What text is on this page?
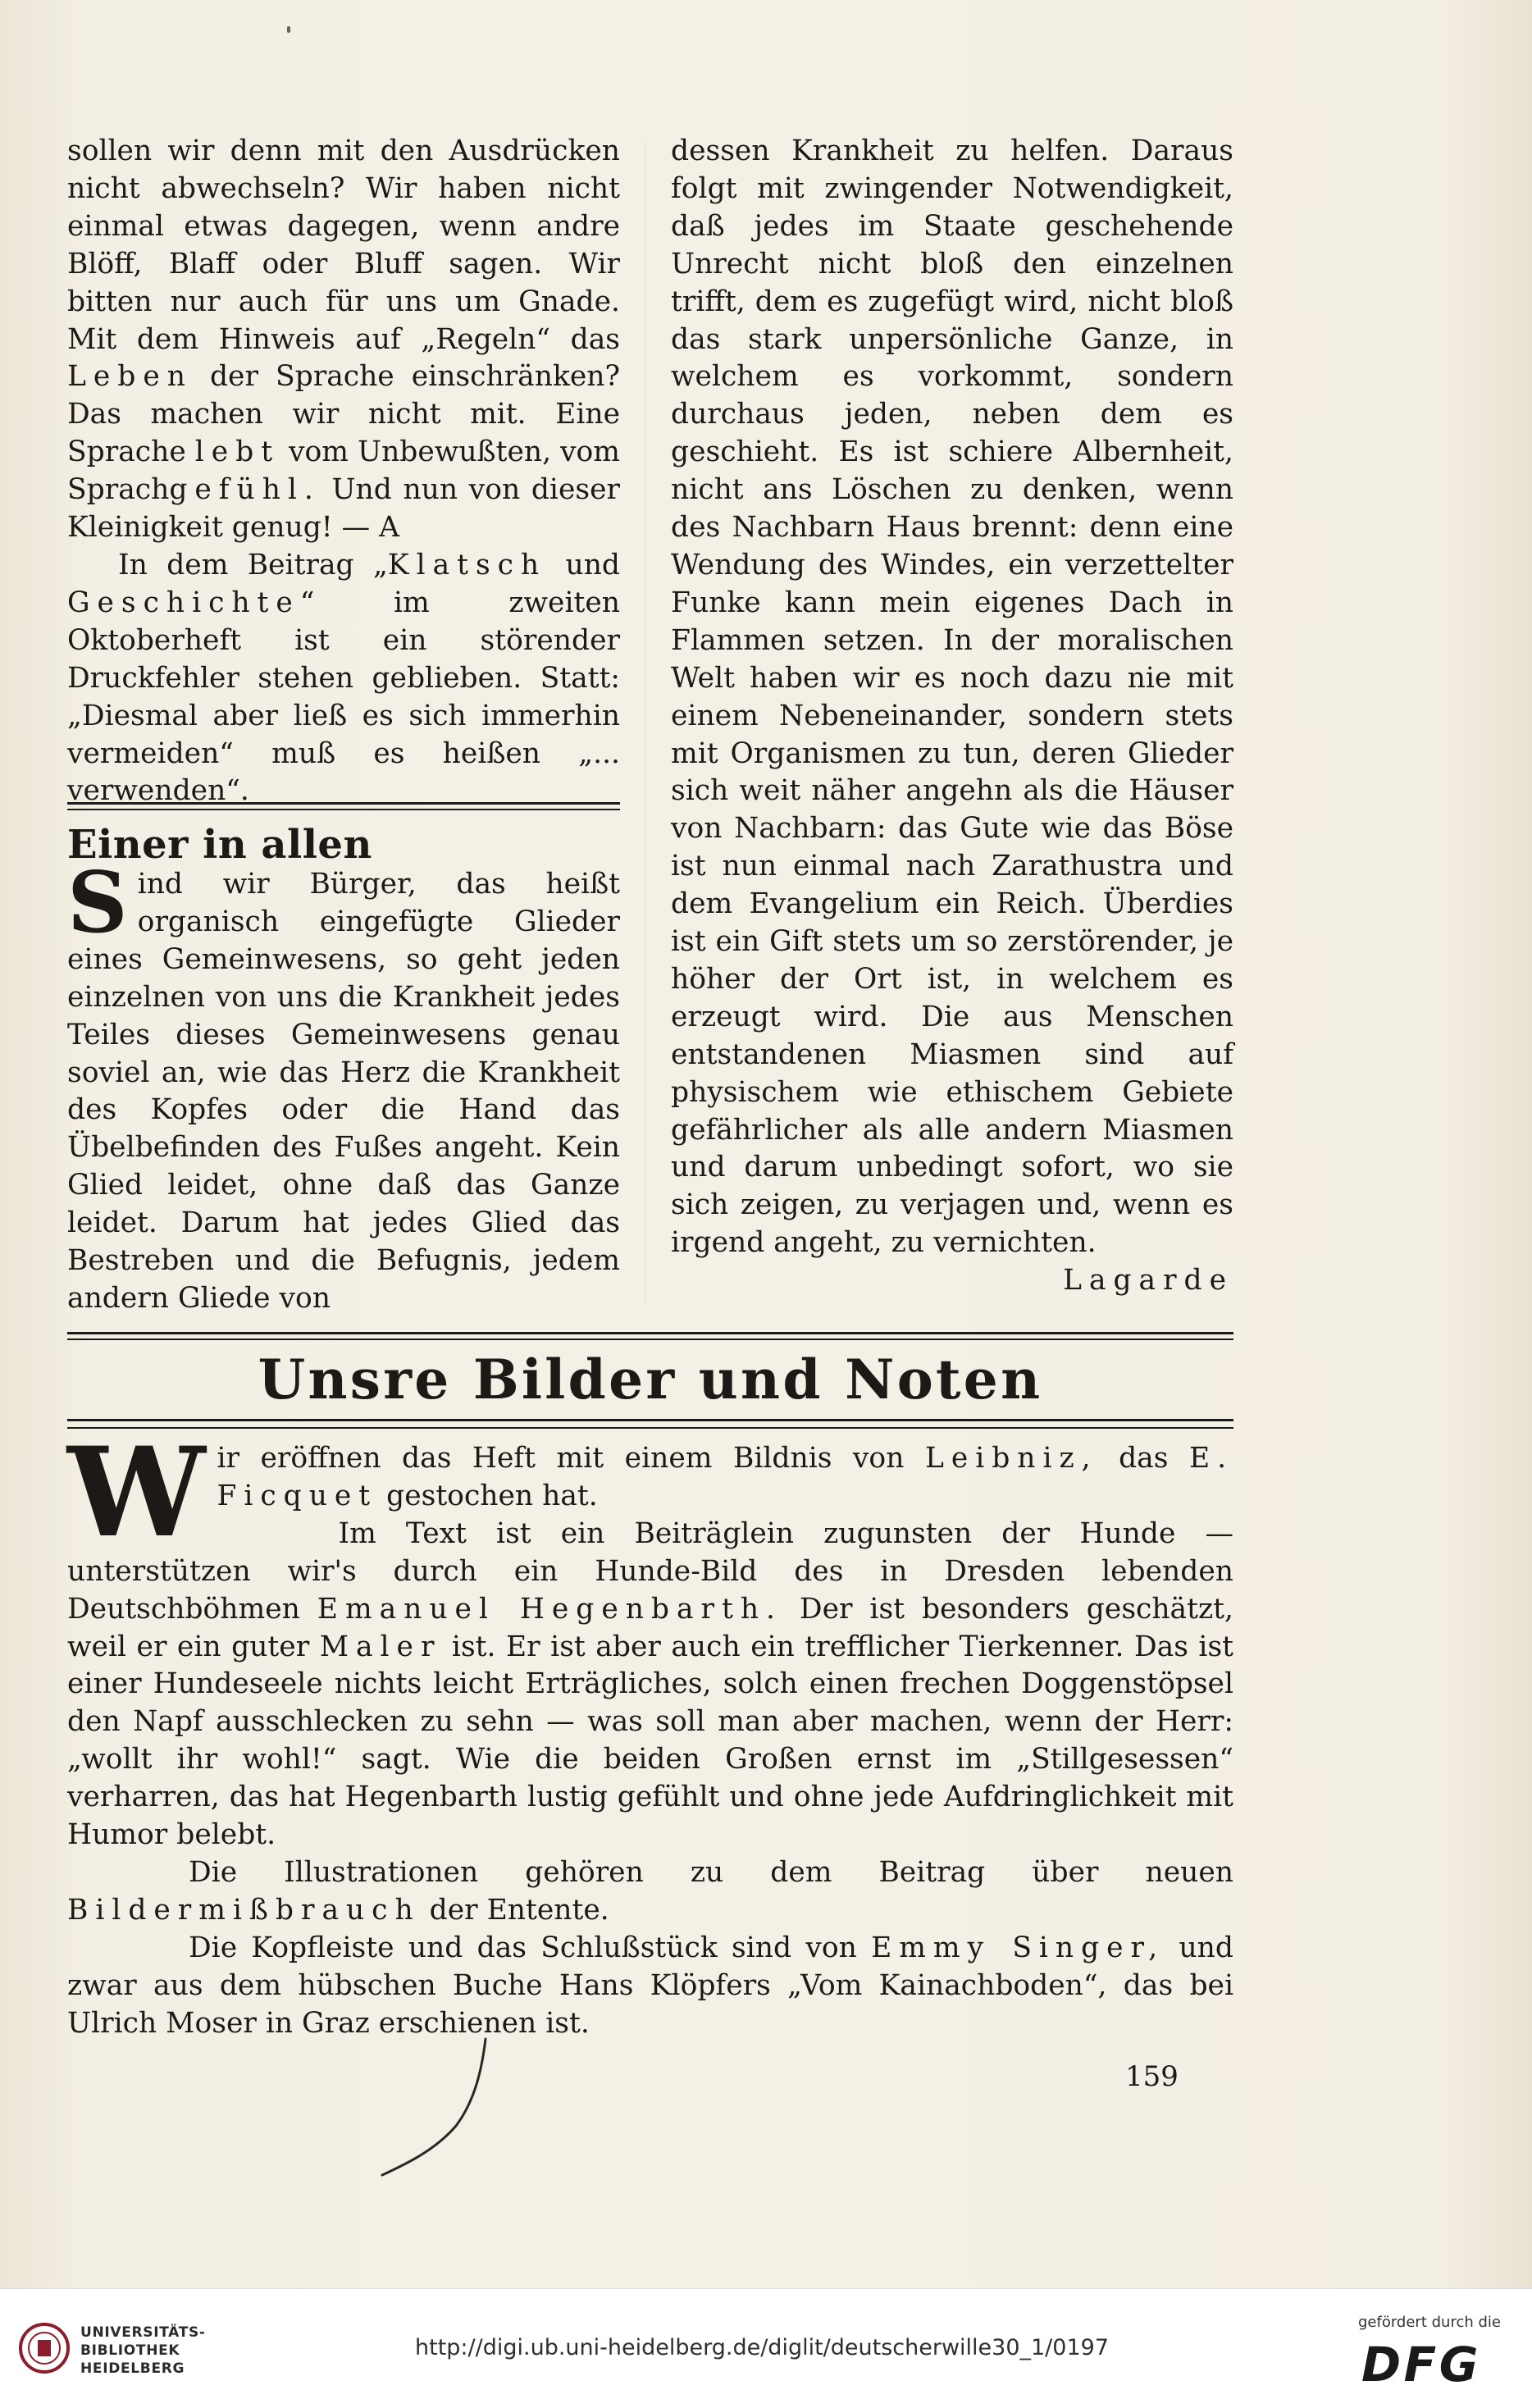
sollen wir denn mit den Ausdrücken nicht abwechseln? Wir haben nicht einmal etwas dagegen, wenn andre Blöff, Blaff oder Bluff sagen. Wir bitten nur auch für uns um Gnade. Mit dem Hinweis auf „Regeln“ das Leben der Sprache einschränken? Das machen wir nicht mit. Eine Sprache lebt vom Unbewußten, vom Sprachgefühl. Und nun von dieser Kleinigkeit genug! — A

In dem Beitrag „Klatsch und Geschichte“ im zweiten Oktoberheft ist ein störender Druckfehler stehen geblieben. Statt: „Diesmal aber ließ es sich immerhin vermeiden“ muß es heißen „... verwenden“.

Einer in allen
S ind wir Bürger, das heißt organisch eingefügte Glieder eines Gemeinwesens, so geht jeden einzelnen von uns die Krankheit jedes Teiles dieses Gemeinwesens genau soviel an, wie das Herz die Krankheit des Kopfes oder die Hand das Übelbefinden des Fußes angeht. Kein Glied leidet, ohne daß das Ganze leidet. Darum hat jedes Glied das Bestreben und die Befugnis, jedem andern Gliede von

dessen Krankheit zu helfen. Daraus folgt mit zwingender Notwendigkeit, daß jedes im Staate geschehende Unrecht nicht bloß den einzelnen trifft, dem es zugefügt wird, nicht bloß das stark unpersönliche Ganze, in welchem es vorkommt, sondern durchaus jeden, neben dem es geschieht. Es ist schiere Albernheit, nicht ans Löschen zu denken, wenn des Nachbarn Haus brennt: denn eine Wendung des Windes, ein verzettelter Funke kann mein eigenes Dach in Flammen setzen. In der moralischen Welt haben wir es noch dazu nie mit einem Nebeneinander, sondern stets mit Organismen zu tun, deren Glieder sich weit näher angehn als die Häuser von Nachbarn: das Gute wie das Böse ist nun einmal nach Zarathustra und dem Evangelium ein Reich. Überdies ist ein Gift stets um so zerstörender, je höher der Ort ist, in welchem es erzeugt wird. Die aus Menschen entstandenen Miasmen sind auf physischem wie ethischem Gebiete gefährlicher als alle andern Miasmen und darum unbedingt sofort, wo sie sich zeigen, zu verjagen und, wenn es irgend angeht, zu vernichten.
Lagarde

Unsre Bilder und Noten

W ir eröffnen das Heft mit einem Bildnis von Leibniz, das E. Ficquet gestochen hat.

Im Text ist ein Beiträglein zugunsten der Hunde — unterstützen wir's durch ein Hunde-Bild des in Dresden lebenden Deutschböhmen Emanuel Hegenbarth. Der ist besonders geschätzt, weil er ein guter Maler ist. Er ist aber auch ein trefflicher Tierkenner. Das ist einer Hundeseele nichts leicht Erträgliches, solch einen frechen Doggenstöpsel den Napf ausschlecken zu sehn — was soll man aber machen, wenn der Herr: „wollt ihr wohl!“ sagt. Wie die beiden Großen ernst im „Stillgesessen“ verharren, das hat Hegenbarth lustig gefühlt und ohne jede Aufdringlichkeit mit Humor belebt.

Die Illustrationen gehören zu dem Beitrag über neuen Bildermißbrauch der Entente.

Die Kopfleiste und das Schlußstück sind von Emmy Singer, und zwar aus dem hübschen Buche Hans Klöpfers „Vom Kainachboden“, das bei Ulrich Moser in Graz erschienen ist.

159
UNIVERSITÄTS-
BIBLIOTHEK
HEIDELBERG
http://digi.ub.uni-heidelberg.de/diglit/deutscherwille30_1/0197
gefördert durch die
DFG
